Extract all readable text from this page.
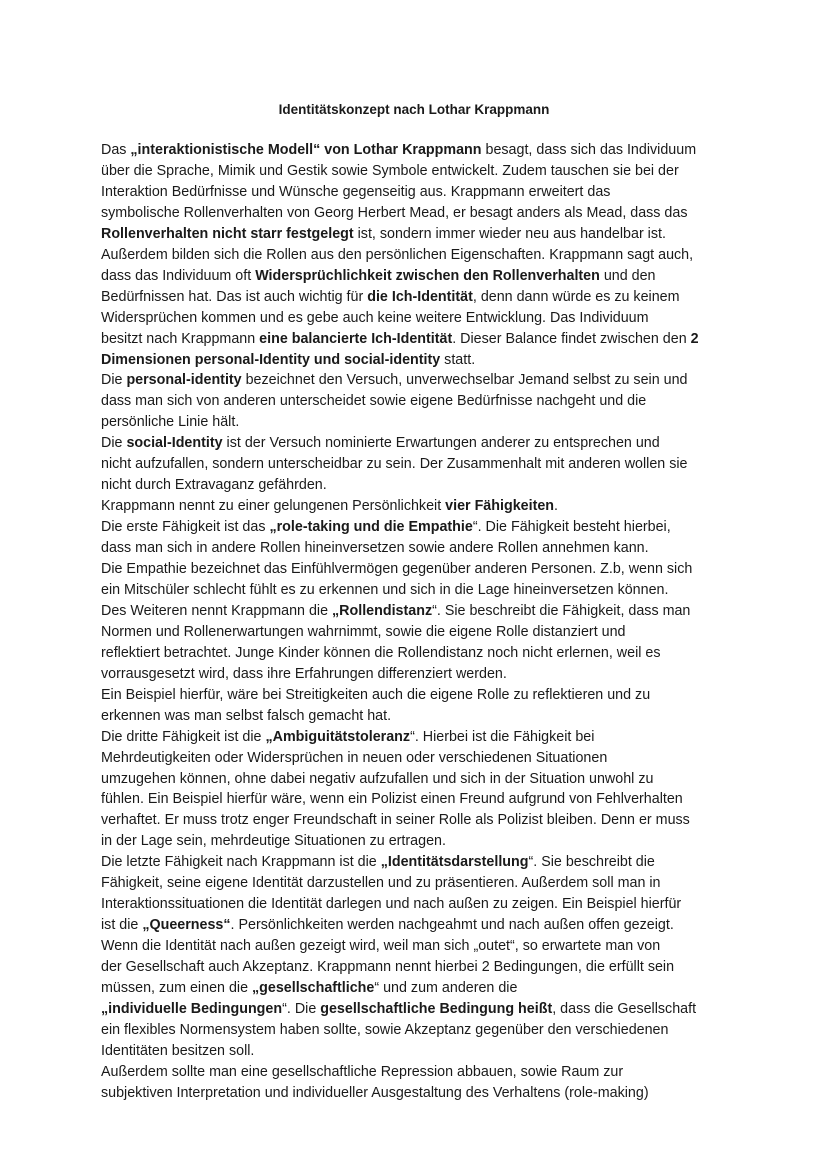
Identitätskonzept nach Lothar Krappmann
Das „interaktionistische Modell“ von Lothar Krappmann besagt, dass sich das Individuum
über die Sprache, Mimik und Gestik sowie Symbole entwickelt. Zudem tauschen sie bei der
Interaktion Bedürfnisse und Wünsche gegenseitig aus. Krappmann erweitert das
symbolische Rollenverhalten von Georg Herbert Mead, er besagt anders als Mead, dass das
Rollenverhalten nicht starr festgelegt ist, sondern immer wieder neu aus handelbar ist.
Außerdem bilden sich die Rollen aus den persönlichen Eigenschaften. Krappmann sagt auch,
dass das Individuum oft Widersprüchlichkeit zwischen den Rollenverhalten und den
Bedürfnissen hat. Das ist auch wichtig für die Ich-Identität, denn dann würde es zu keinem
Widersprüchen kommen und es gebe auch keine weitere Entwicklung. Das Individuum
besitzt nach Krappmann eine balancierte Ich-Identität. Dieser Balance findet zwischen den 2
Dimensionen personal-Identity und social-identity statt.
Die personal-identity bezeichnet den Versuch, unverwechselbar Jemand selbst zu sein und
dass man sich von anderen unterscheidet sowie eigene Bedürfnisse nachgeht und die
persönliche Linie hält.
Die social-Identity ist der Versuch nominierte Erwartungen anderer zu entsprechen und
nicht aufzufallen, sondern unterscheidbar zu sein. Der Zusammenhalt mit anderen wollen sie
nicht durch Extravaganz gefährden.
Krappmann nennt zu einer gelungenen Persönlichkeit vier Fähigkeiten.
Die erste Fähigkeit ist das „role-taking und die Empathie“. Die Fähigkeit besteht hierbei,
dass man sich in andere Rollen hineinversetzen sowie andere Rollen annehmen kann.
Die Empathie bezeichnet das Einfühlvermögen gegenüber anderen Personen. Z.b, wenn sich
ein Mitschüler schlecht fühlt es zu erkennen und sich in die Lage hineinversetzen können.
Des Weiteren nennt Krappmann die „Rollendistanz“. Sie beschreibt die Fähigkeit, dass man
Normen und Rollenerwartungen wahrnimmt, sowie die eigene Rolle distanziert und
reflektiert betrachtet. Junge Kinder können die Rollendistanz noch nicht erlernen, weil es
vorrausgesetzt wird, dass ihre Erfahrungen differenziert werden.
Ein Beispiel hierfür, wäre bei Streitigkeiten auch die eigene Rolle zu reflektieren und zu
erkennen was man selbst falsch gemacht hat.
Die dritte Fähigkeit ist die „Ambiguitätstoleranz“. Hierbei ist die Fähigkeit bei
Mehrdeutigkeiten oder Widersprüchen in neuen oder verschiedenen Situationen
umzugehen können, ohne dabei negativ aufzufallen und sich in der Situation unwohl zu
fühlen. Ein Beispiel hierfür wäre, wenn ein Polizist einen Freund aufgrund von Fehlverhalten
verhaftet. Er muss trotz enger Freundschaft in seiner Rolle als Polizist bleiben. Denn er muss
in der Lage sein, mehrdeutige Situationen zu ertragen.
Die letzte Fähigkeit nach Krappmann ist die „Identitätsdarstellung“. Sie beschreibt die
Fähigkeit, seine eigene Identität darzustellen und zu präsentieren. Außerdem soll man in
Interaktionssituationen die Identität darlegen und nach außen zu zeigen. Ein Beispiel hierfür
ist die „Queerness“. Persönlichkeiten werden nachgeahmt und nach außen offen gezeigt.
Wenn die Identität nach außen gezeigt wird, weil man sich „outet“, so erwartete man von
der Gesellschaft auch Akzeptanz. Krappmann nennt hierbei 2 Bedingungen, die erfüllt sein
müssen, zum einen die „gesellschaftliche“ und zum anderen die
„individuelle Bedingungen“. Die gesellschaftliche Bedingung heißt, dass die Gesellschaft
ein flexibles Normensystem haben sollte, sowie Akzeptanz gegenüber den verschiedenen
Identitäten besitzen soll.
Außerdem sollte man eine gesellschaftliche Repression abbauen, sowie Raum zur
subjektiven Interpretation und individueller Ausgestaltung des Verhaltens (role-making)
